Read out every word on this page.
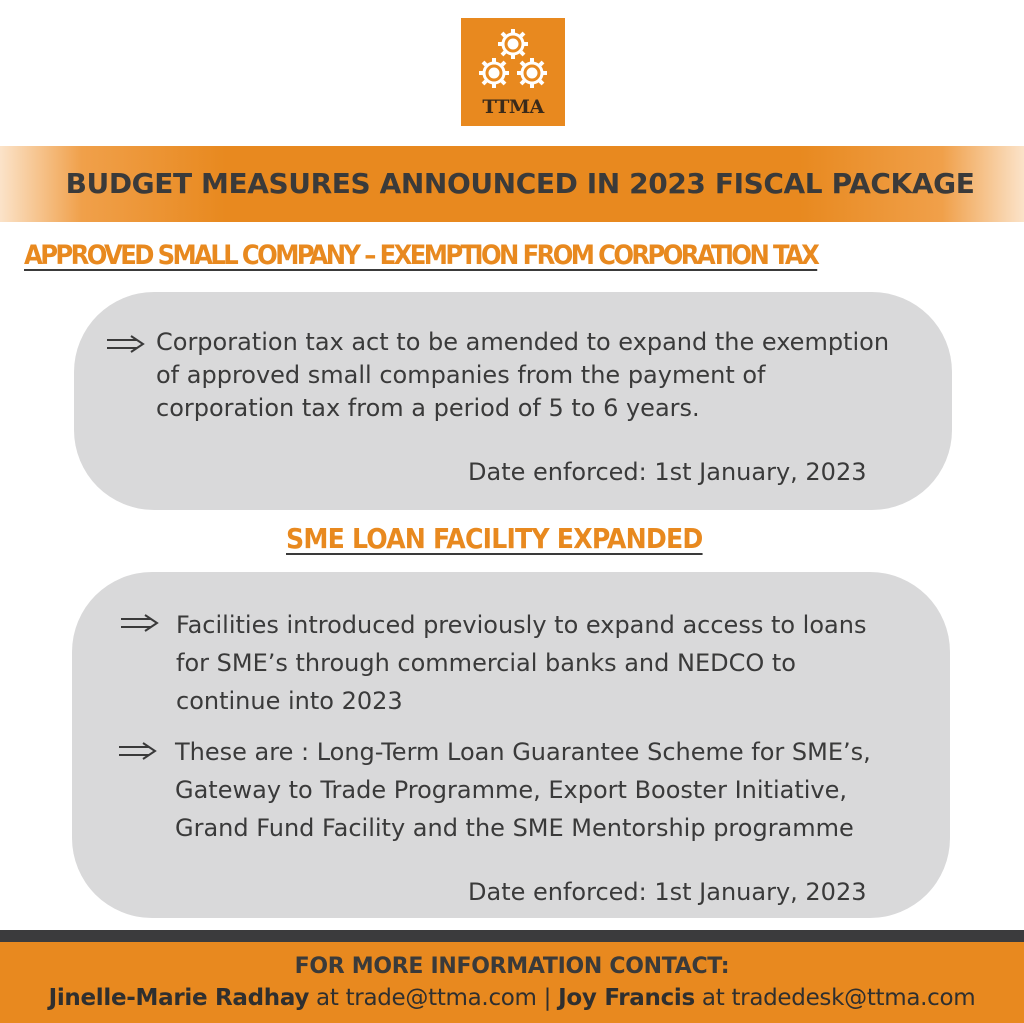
TTMA
BUDGET MEASURES ANNOUNCED IN 2023 FISCAL PACKAGE
APPROVED SMALL COMPANY – EXEMPTION FROM CORPORATION TAX
Corporation tax act to be amended to expand the exemption
of approved small companies from the payment of
corporation tax from a period of 5 to 6 years.
Date enforced: 1st January, 2023
SME LOAN FACILITY EXPANDED
Facilities introduced previously to expand access to loans
for SME’s through commercial banks and NEDCO to
continue into 2023
These are : Long-Term Loan Guarantee Scheme for SME’s,
Gateway to Trade Programme, Export Booster Initiative,
Grand Fund Facility and the SME Mentorship programme
Date enforced: 1st January, 2023
FOR MORE INFORMATION CONTACT:
Jinelle-Marie Radhay at trade@ttma.com | Joy Francis at tradedesk@ttma.com
